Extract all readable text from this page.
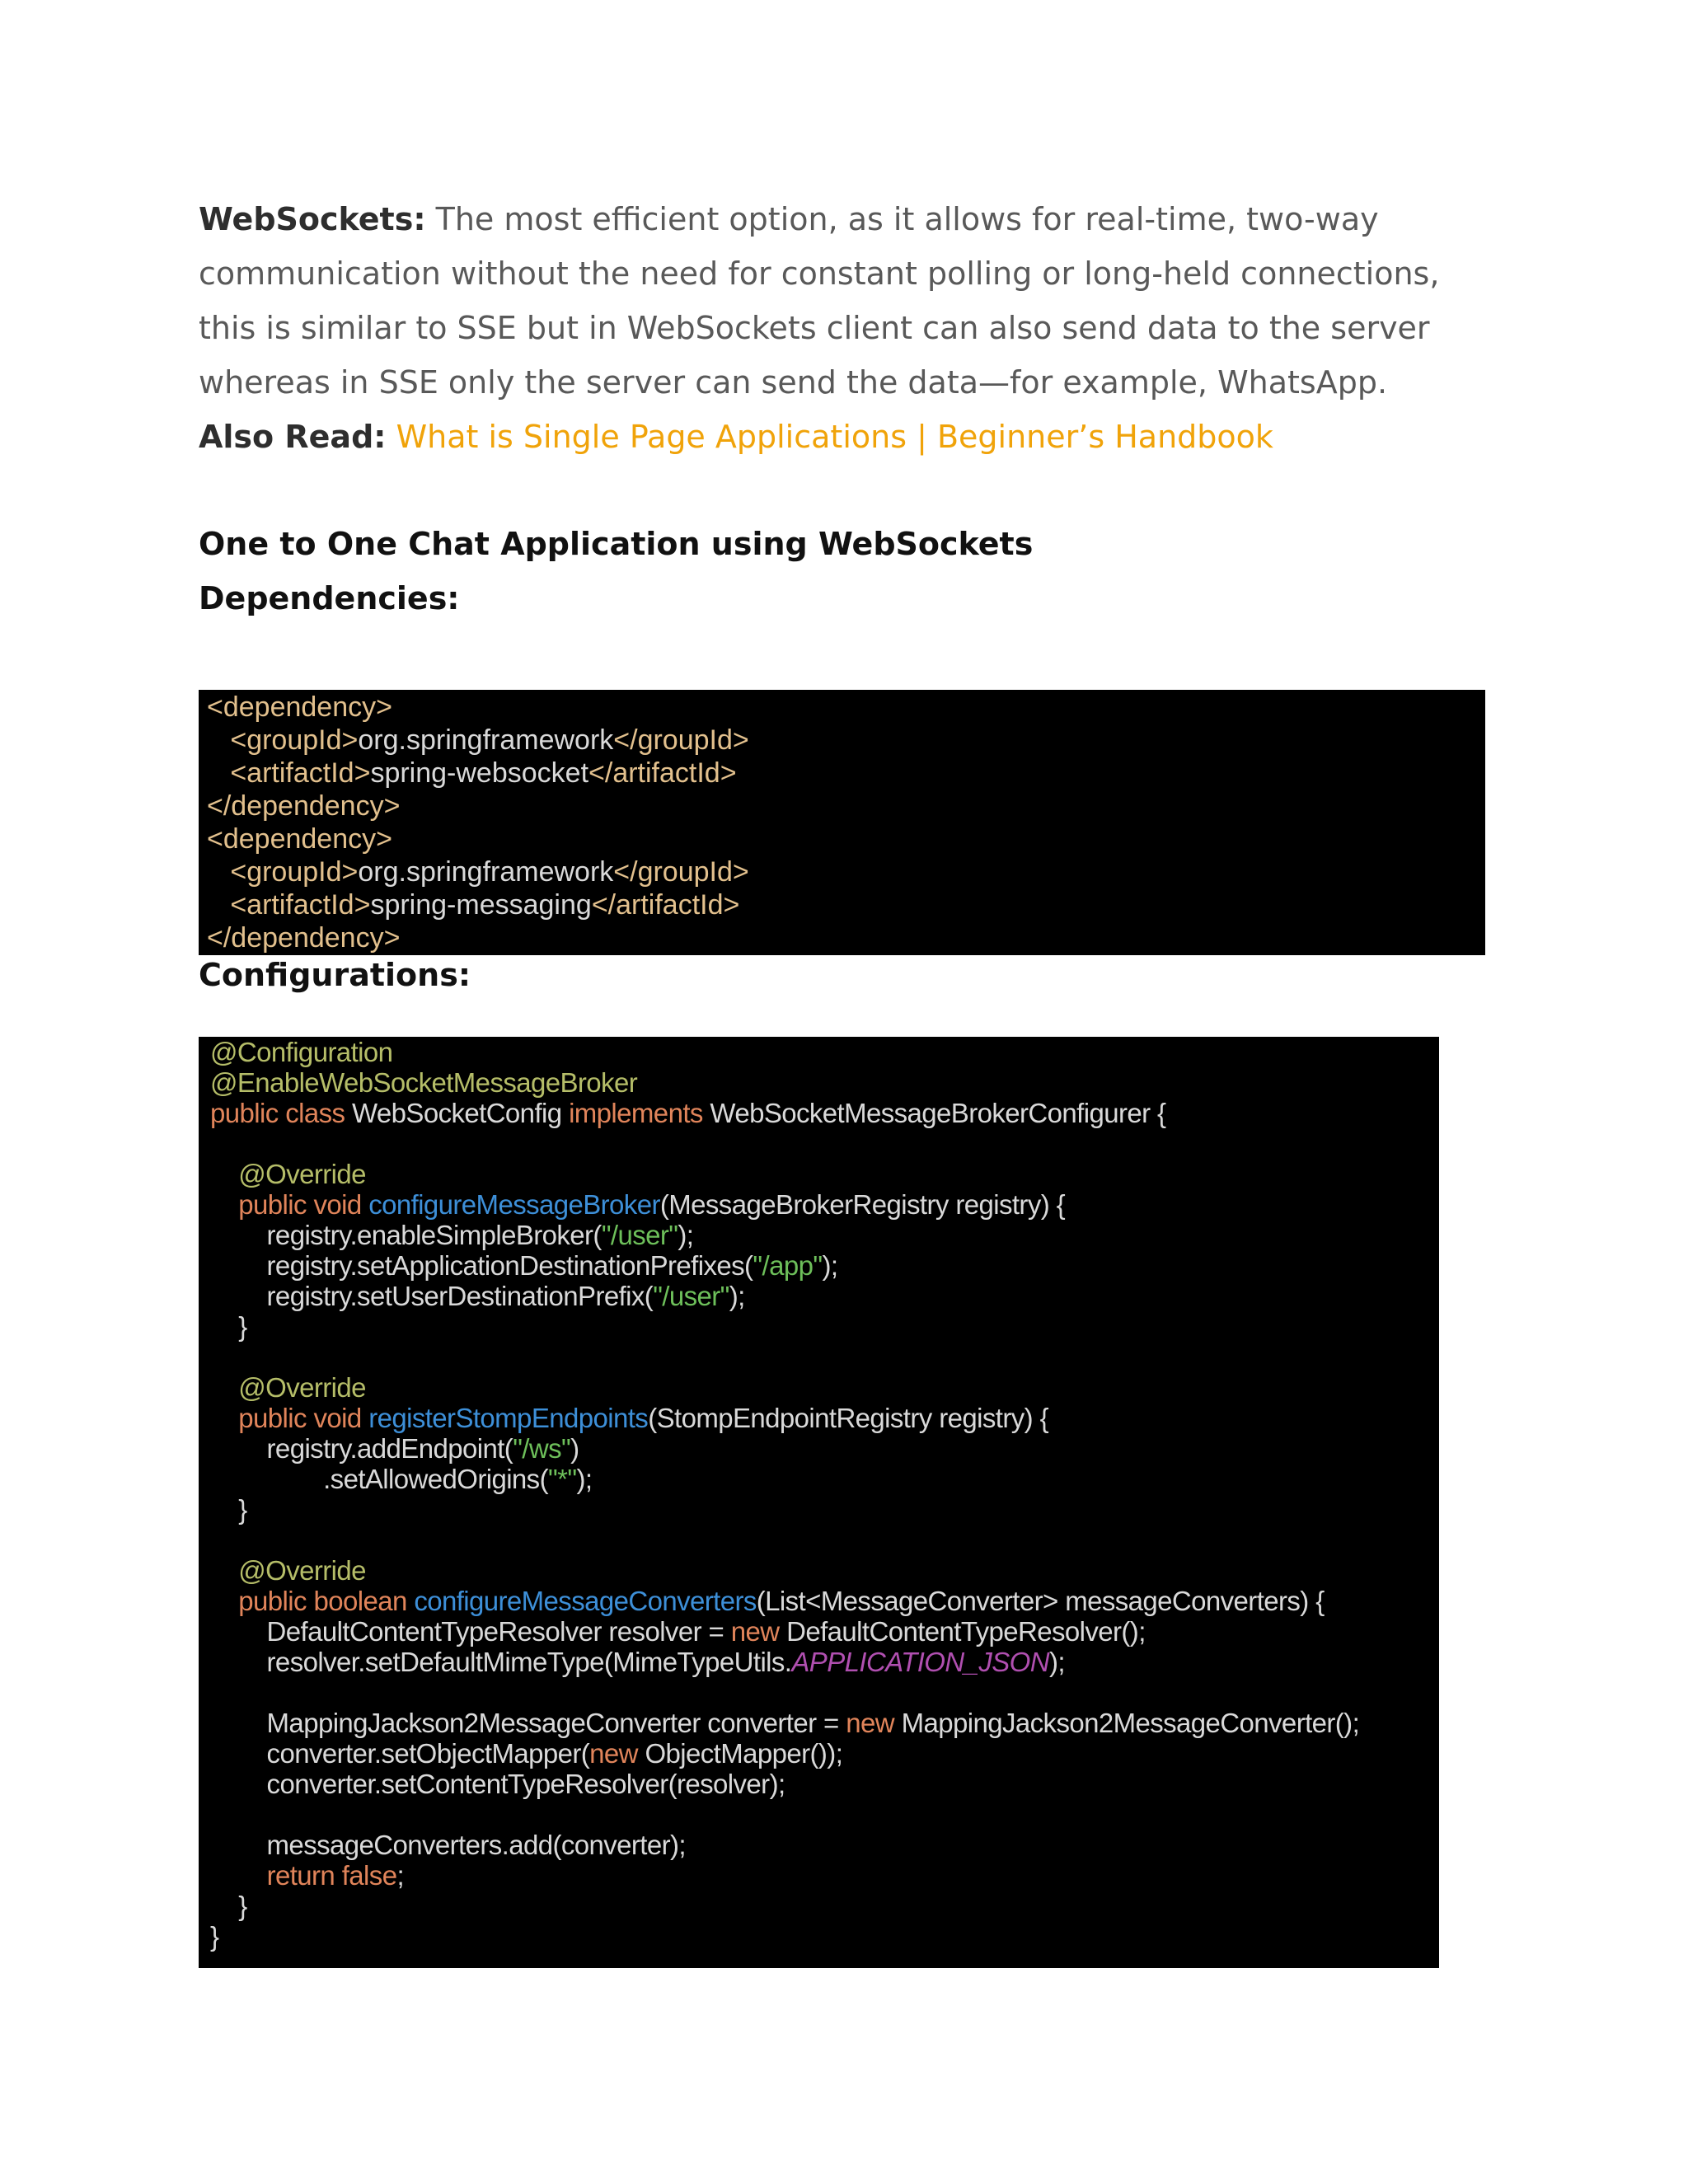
WebSockets: The most efficient option, as it allows for real-time, two-way
communication without the need for constant polling or long-held connections,
this is similar to SSE but in WebSockets client can also send data to the server
whereas in SSE only the server can send the data—for example, WhatsApp.
Also Read: What is Single Page Applications | Beginner’s Handbook
One to One Chat Application using WebSockets
Dependencies:
<dependency>
<groupId>org.springframework</groupId>
<artifactId>spring-websocket</artifactId>
</dependency>
<dependency>
<groupId>org.springframework</groupId>
<artifactId>spring-messaging</artifactId>
</dependency>
Configurations:
@Configuration
@EnableWebSocketMessageBroker
public class WebSocketConfig implements WebSocketMessageBrokerConfigurer {
@Override
public void configureMessageBroker(MessageBrokerRegistry registry) {
registry.enableSimpleBroker("/user");
registry.setApplicationDestinationPrefixes("/app");
registry.setUserDestinationPrefix("/user");
}
@Override
public void registerStompEndpoints(StompEndpointRegistry registry) {
registry.addEndpoint("/ws")
.setAllowedOrigins("*");
}
@Override
public boolean configureMessageConverters(List<MessageConverter> messageConverters) {
DefaultContentTypeResolver resolver = new DefaultContentTypeResolver();
resolver.setDefaultMimeType(MimeTypeUtils.APPLICATION_JSON);
MappingJackson2MessageConverter converter = new MappingJackson2MessageConverter();
converter.setObjectMapper(new ObjectMapper());
converter.setContentTypeResolver(resolver);
messageConverters.add(converter);
return false;
}
}
